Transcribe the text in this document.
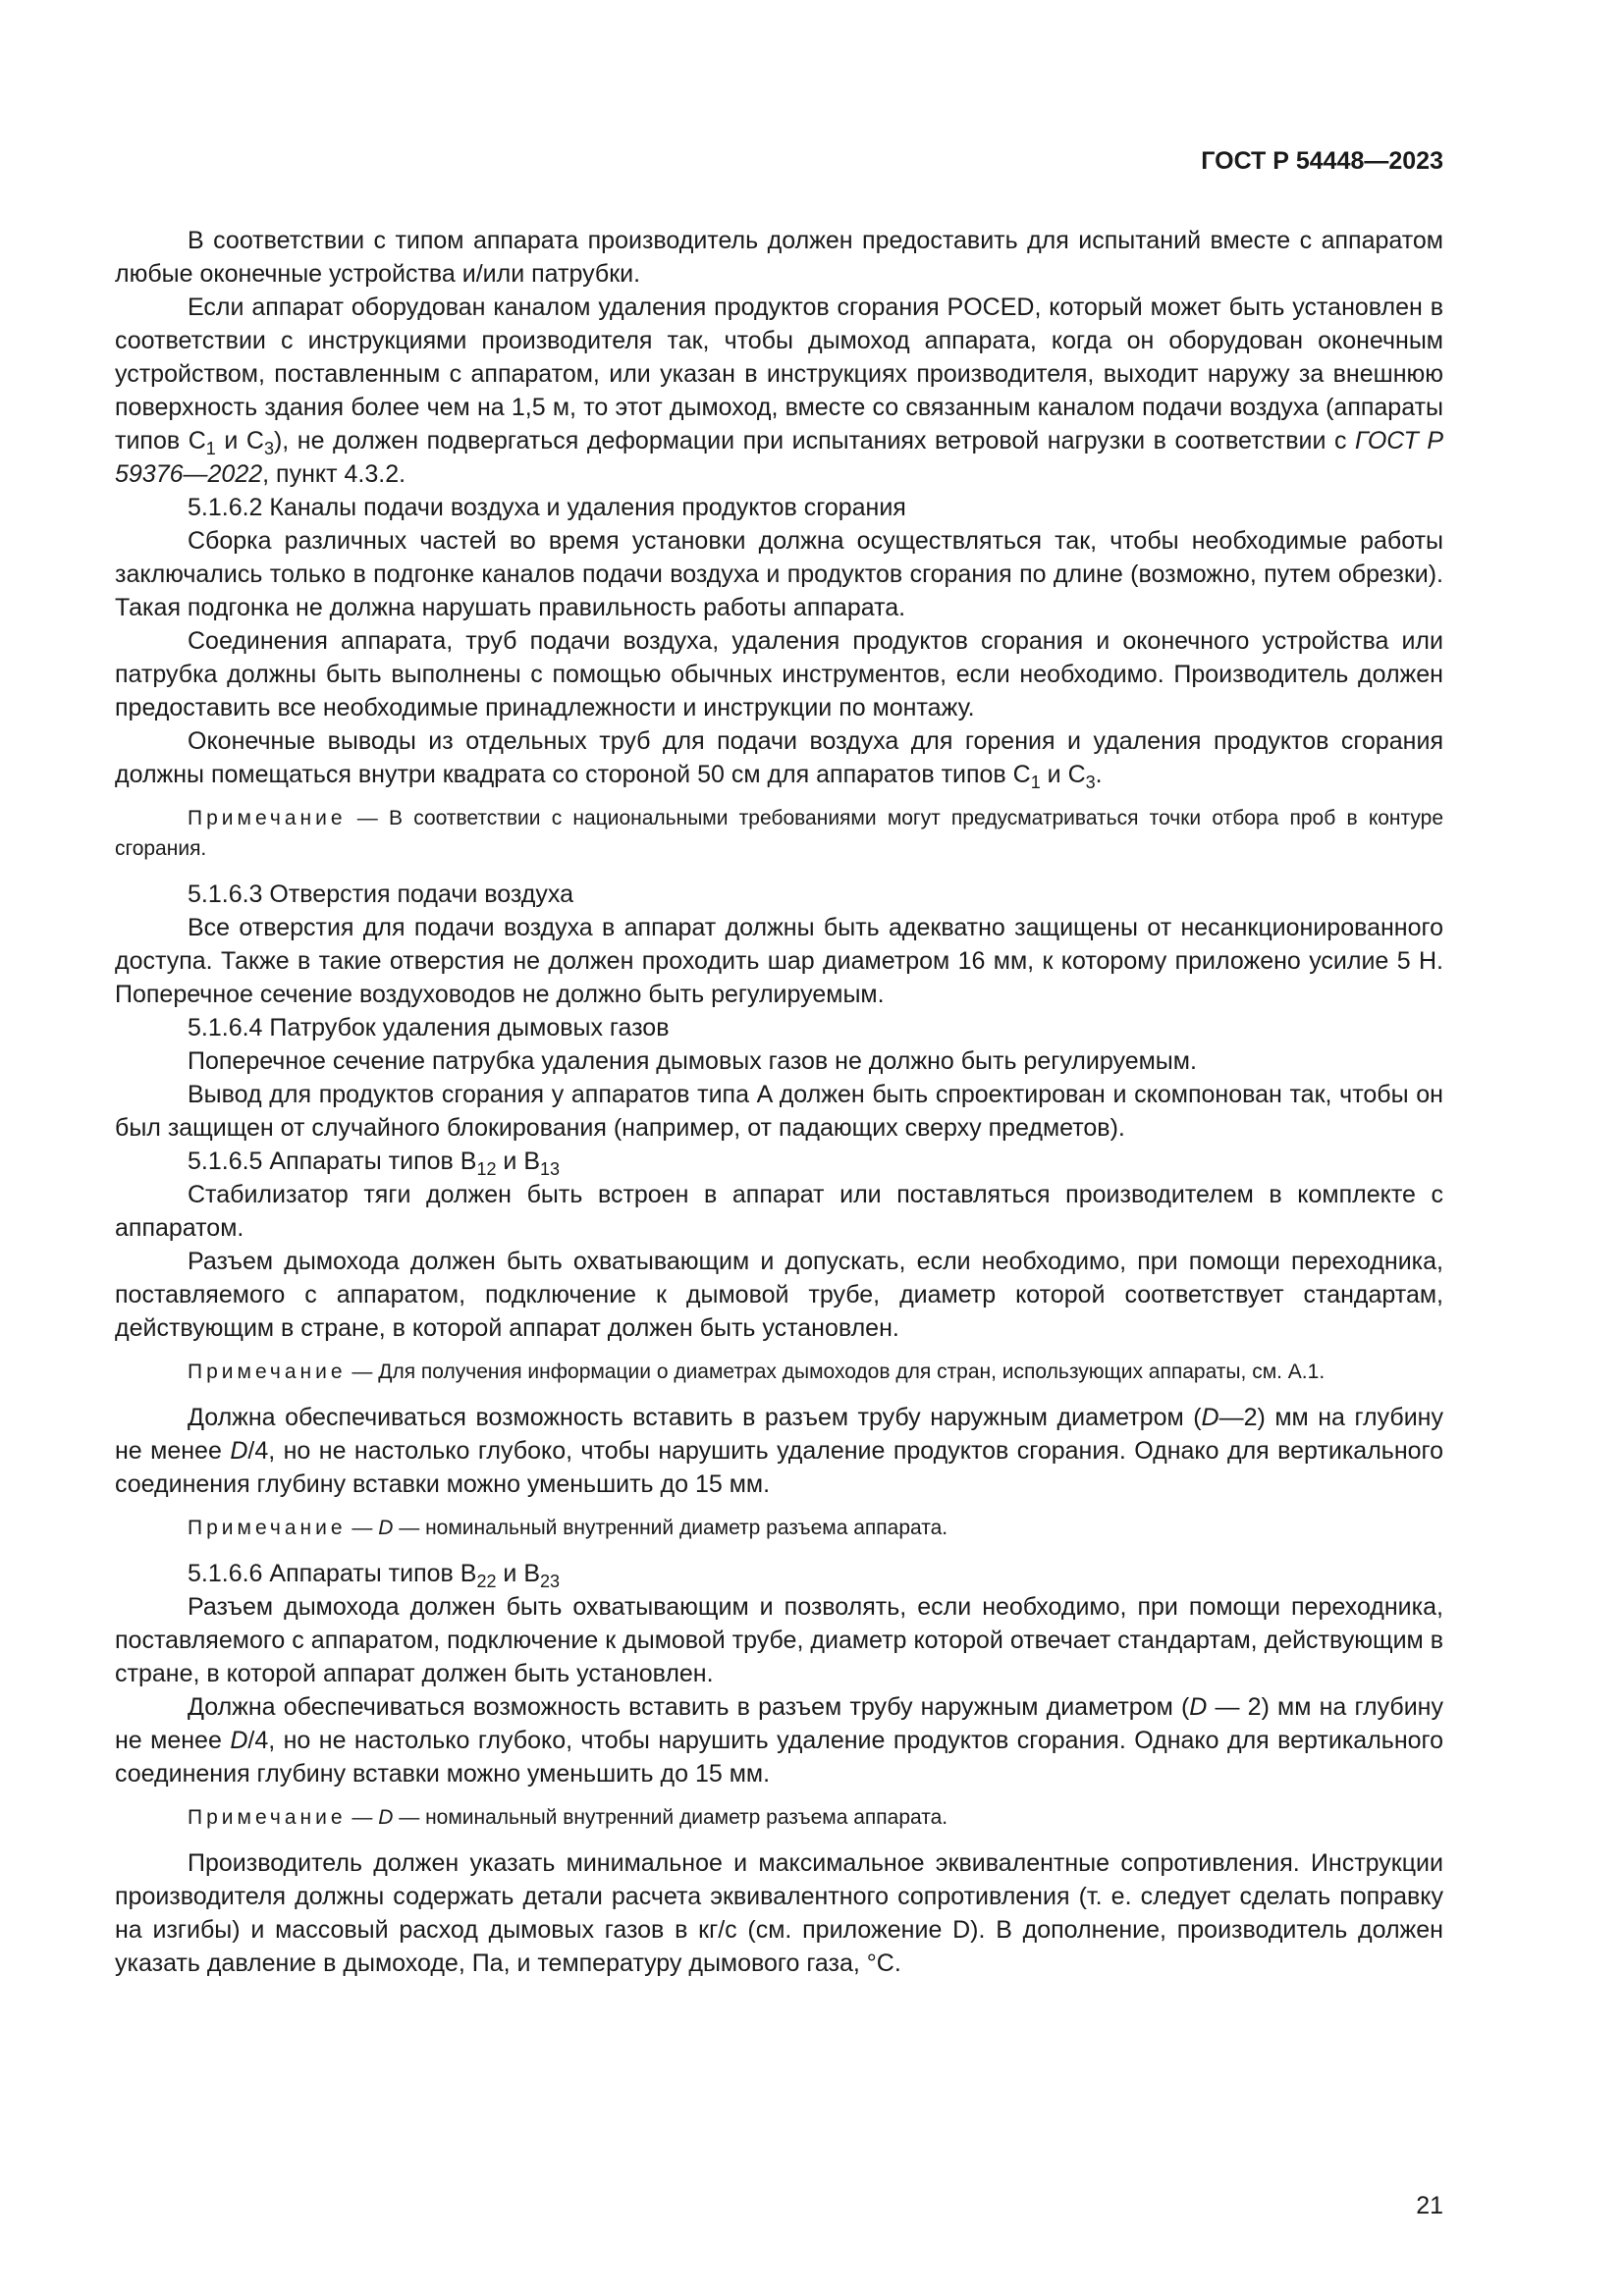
ГОСТ Р 54448—2023

В соответствии с типом аппарата производитель должен предоставить для испытаний вместе с аппаратом любые оконечные устройства и/или патрубки.

Если аппарат оборудован каналом удаления продуктов сгорания POCED, который может быть установлен в соответствии с инструкциями производителя так, чтобы дымоход аппарата, когда он оборудован оконечным устройством, поставленным с аппаратом, или указан в инструкциях производителя, выходит наружу за внешнюю поверхность здания более чем на 1,5 м, то этот дымоход, вместе со связанным каналом подачи воздуха (аппараты типов $C_1$ и $C_3$), не должен подвергаться деформации при испытаниях ветровой нагрузки в соответствии с ГОСТ Р 59376—2022, пункт 4.3.2.

5.1.6.2 Каналы подачи воздуха и удаления продуктов сгорания

Сборка различных частей во время установки должна осуществляться так, чтобы необходимые работы заключались только в подгонке каналов подачи воздуха и продуктов сгорания по длине (возможно, путем обрезки). Такая подгонка не должна нарушать правильность работы аппарата.

Соединения аппарата, труб подачи воздуха, удаления продуктов сгорания и оконечного устройства или патрубка должны быть выполнены с помощью обычных инструментов, если необходимо. Производитель должен предоставить все необходимые принадлежности и инструкции по монтажу.

Оконечные выводы из отдельных труб для подачи воздуха для горения и удаления продуктов сгорания должны помещаться внутри квадрата со стороной 50 см для аппаратов типов $C_1$ и $C_3$.

Примечание — В соответствии с национальными требованиями могут предусматриваться точки отбора проб в контуре сгорания.

5.1.6.3 Отверстия подачи воздуха

Все отверстия для подачи воздуха в аппарат должны быть адекватно защищены от несанкционированного доступа. Также в такие отверстия не должен проходить шар диаметром 16 мм, к которому приложено усилие 5 Н. Поперечное сечение воздуховодов не должно быть регулируемым.

5.1.6.4 Патрубок удаления дымовых газов

Поперечное сечение патрубка удаления дымовых газов не должно быть регулируемым.

Вывод для продуктов сгорания у аппаратов типа A должен быть спроектирован и скомпонован так, чтобы он был защищен от случайного блокирования (например, от падающих сверху предметов).

5.1.6.5 Аппараты типов $B_{12}$ и $B_{13}$

Стабилизатор тяги должен быть встроен в аппарат или поставляться производителем в комплекте с аппаратом.

Разъем дымохода должен быть охватывающим и допускать, если необходимо, при помощи переходника, поставляемого с аппаратом, подключение к дымовой трубе, диаметр которой соответствует стандартам, действующим в стране, в которой аппарат должен быть установлен.

Примечание — Для получения информации о диаметрах дымоходов для стран, использующих аппараты, см. A.1.

Должна обеспечиваться возможность вставить в разъем трубу наружным диаметром (D—2) мм на глубину не менее D/4, но не настолько глубоко, чтобы нарушить удаление продуктов сгорания. Однако для вертикального соединения глубину вставки можно уменьшить до 15 мм.

Примечание — D — номинальный внутренний диаметр разъема аппарата.

5.1.6.6 Аппараты типов $B_{22}$ и $B_{23}$

Разъем дымохода должен быть охватывающим и позволять, если необходимо, при помощи переходника, поставляемого с аппаратом, подключение к дымовой трубе, диаметр которой отвечает стандартам, действующим в стране, в которой аппарат должен быть установлен.

Должна обеспечиваться возможность вставить в разъем трубу наружным диаметром (D — 2) мм на глубину не менее D/4, но не настолько глубоко, чтобы нарушить удаление продуктов сгорания. Однако для вертикального соединения глубину вставки можно уменьшить до 15 мм.

Примечание — D — номинальный внутренний диаметр разъема аппарата.

Производитель должен указать минимальное и максимальное эквивалентные сопротивления. Инструкции производителя должны содержать детали расчета эквивалентного сопротивления (т. е. следует сделать поправку на изгибы) и массовый расход дымовых газов в кг/с (см. приложение D). В дополнение, производитель должен указать давление в дымоходе, Па, и температуру дымового газа, °С.

21
